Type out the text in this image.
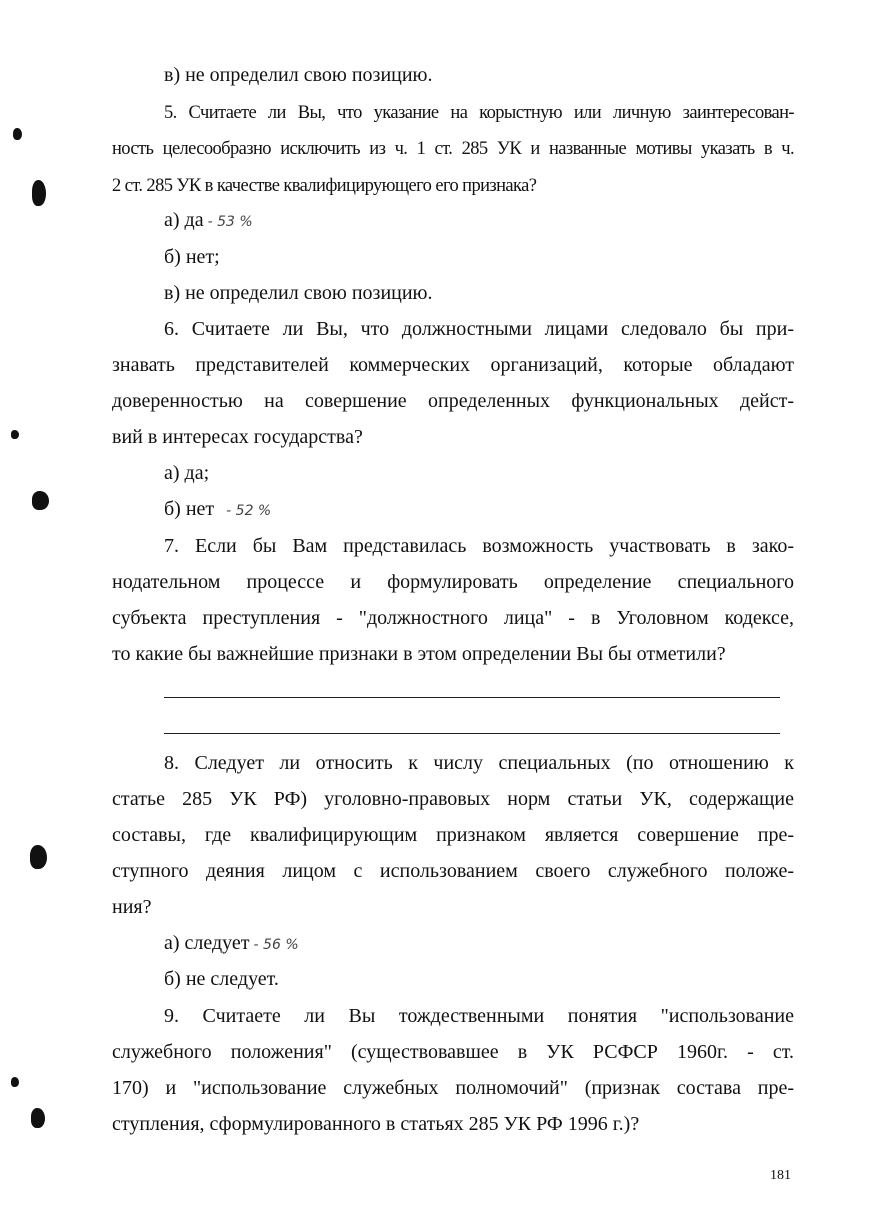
в) не определил свою позицию.
5. Считаете ли Вы, что указание на корыстную или личную заинтересован-
ность целесообразно исключить из ч. 1 ст. 285 УК и названные мотивы указать в ч.
2 ст. 285 УК в качестве квалифицирующего его признака?
а) да - 53 %
б) нет;
в) не определил свою позицию.
6. Считаете ли Вы, что должностными лицами следовало бы при-
знавать представителей коммерческих организаций, которые обладают
доверенностью на совершение определенных функциональных дейст-
вий в интересах государства?
а) да;
б) нет - 52 %
7. Если бы Вам представилась возможность участвовать в зако-
нодательном процессе и формулировать определение специального
субъекта преступления - "должностного лица" - в Уголовном кодексе,
то какие бы важнейшие признаки в этом определении Вы бы отметили?
8. Следует ли относить к числу специальных (по отношению к
статье 285 УК РФ) уголовно-правовых норм статьи УК, содержащие
составы, где квалифицирующим признаком является совершение пре-
ступного деяния лицом с использованием своего служебного положе-
ния?
а) следует - 56 %
б) не следует.
9. Считаете ли Вы тождественными понятия "использование
служебного положения" (существовавшее в УК РСФСР 1960г. - ст.
170) и "использование служебных полномочий" (признак состава пре-
ступления, сформулированного в статьях 285 УК РФ 1996 г.)?
181
